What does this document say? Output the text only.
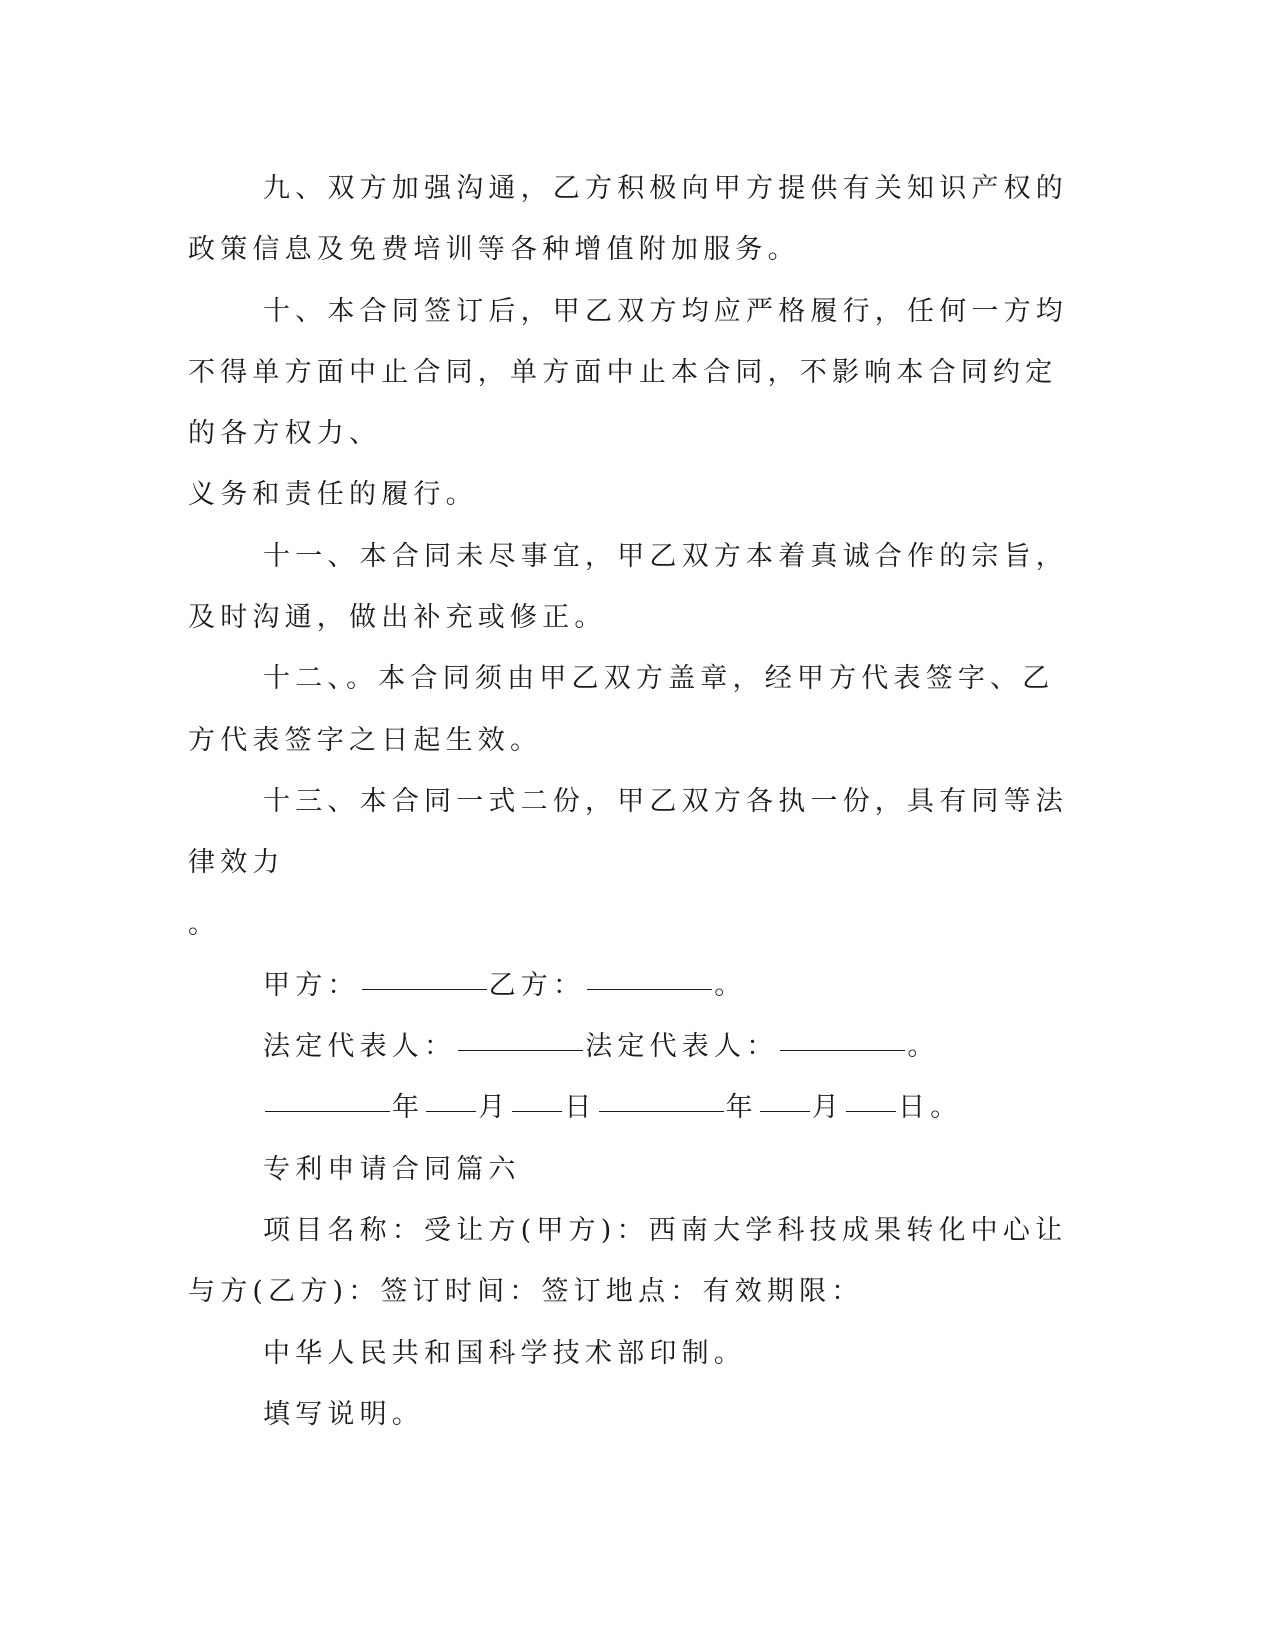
九、双方加强沟通，乙方积极向甲方提供有关知识产权的政策信息及免费培训等各种增值附加服务。

十、本合同签订后，甲乙双方均应严格履行，任何一方均不得单方面中止合同，单方面中止本合同，不影响本合同约定的各方权力、

义务和责任的履行。

十一、本合同未尽事宜，甲乙双方本着真诚合作的宗旨，及时沟通，做出补充或修正。

十二、。本合同须由甲乙双方盖章，经甲方代表签字、乙方代表签字之日起生效。

十三、本合同一式二份，甲乙双方各执一份，具有同等法律效力

。

甲方：	乙方：	。

法定代表人：	法定代表人：	。

年 月 日	年 月 日。

专利申请合同篇六

项目名称：受让方(甲方)：西南大学科技成果转化中心让与方(乙方)：签订时间：签订地点：有效期限：

中华人民共和国科学技术部印制。

填写说明。
